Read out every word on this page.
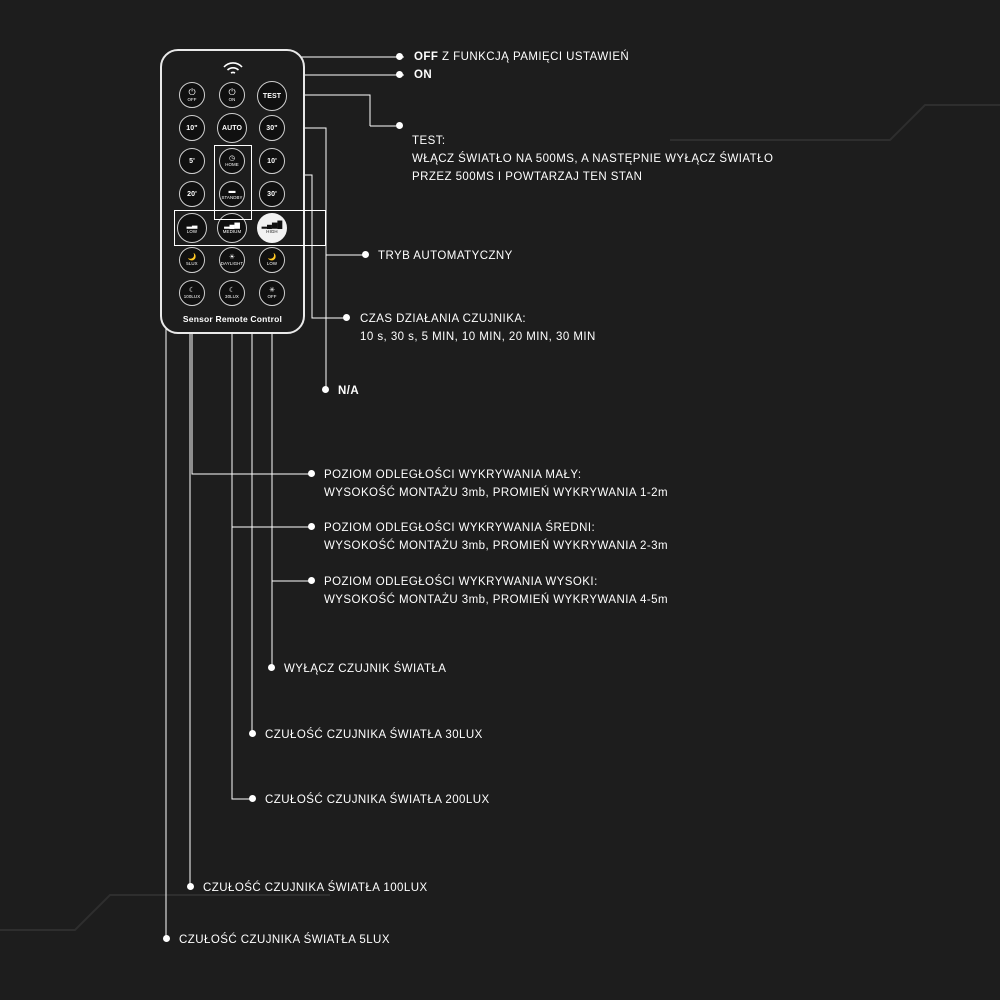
Sensor Remote Control
⏻
OFF
⏻
ON	TEST
10"	AUTO	30"
5'	◷
HOME	10'
20'	▬
STANDBY	30'
▂▃
LOW
▂▄▆
MEDIUM
▂▄▆█
HIGH
🌙
5LUX
☀
DAYLIGHT
🌙
LOW
☾
100LUX
☾
30LUX
✳
OFF
OFF Z FUNKCJĄ PAMIĘCI USTAWIEŃ
ON
TEST:
WŁĄCZ ŚWIATŁO NA 500MS, A NASTĘPNIE WYŁĄCZ ŚWIATŁO
PRZEZ 500MS I POWTARZAJ TEN STAN
TRYB AUTOMATYCZNY
CZAS DZIAŁANIA CZUJNIKA:
10 s, 30 s, 5 MIN, 10 MIN, 20 MIN, 30 MIN
N/A
POZIOM ODLEGŁOŚCI WYKRYWANIA MAŁY:
WYSOKOŚĆ MONTAŻU 3mb, PROMIEŃ WYKRYWANIA 1-2m
POZIOM ODLEGŁOŚCI WYKRYWANIA ŚREDNI:
WYSOKOŚĆ MONTAŻU 3mb, PROMIEŃ WYKRYWANIA 2-3m
POZIOM ODLEGŁOŚCI WYKRYWANIA WYSOKI:
WYSOKOŚĆ MONTAŻU 3mb, PROMIEŃ WYKRYWANIA 4-5m
WYŁĄCZ CZUJNIK ŚWIATŁA
CZUŁOŚĆ CZUJNIKA ŚWIATŁA 30LUX
CZUŁOŚĆ CZUJNIKA ŚWIATŁA 200LUX
CZUŁOŚĆ CZUJNIKA ŚWIATŁA 100LUX
CZUŁOŚĆ CZUJNIKA ŚWIATŁA 5LUX
